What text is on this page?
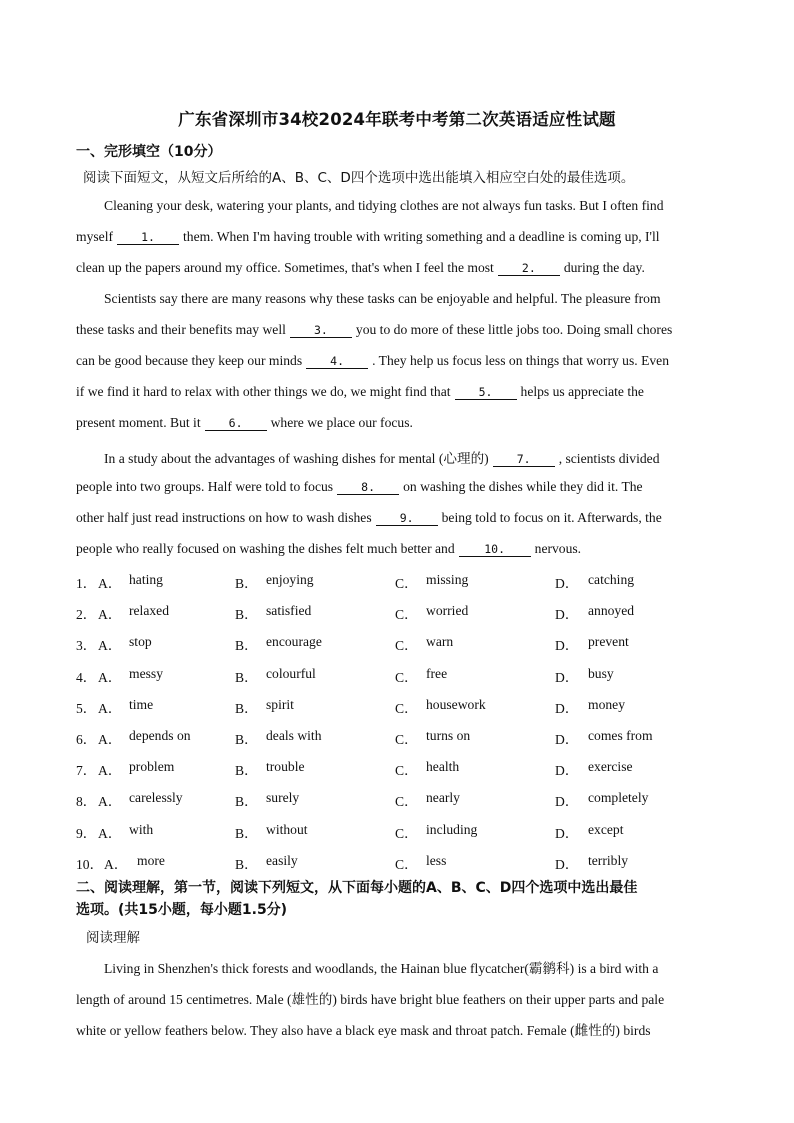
广东省深圳市34校2024年联考中考第二次英语适应性试题
一、完形填空（10分）
阅读下面短文，从短文后所给的A、B、C、D四个选项中选出能填入相应空白处的最佳选项。
Cleaning your desk, watering your plants, and tidying clothes are not always fun tasks. But I often find
myself 1. them. When I'm having trouble with writing something and a deadline is coming up, I'll
clean up the papers around my office. Sometimes, that's when I feel the most 2. during the day.
Scientists say there are many reasons why these tasks can be enjoyable and helpful. The pleasure from
these tasks and their benefits may well 3. you to do more of these little jobs too. Doing small chores
can be good because they keep our minds 4. . They help us focus less on things that worry us. Even
if we find it hard to relax with other things we do, we might find that 5. helps us appreciate the
present moment. But it 6. where we place our focus.
In a study about the advantages of washing dishes for mental (心理的) 7. , scientists divided
people into two groups. Half were told to focus 8. on washing the dishes while they did it. The
other half just read instructions on how to wash dishes 9. being told to focus on it. Afterwards, the
people who really focused on washing the dishes felt much better and	10. nervous.
1． A． hating	B． enjoying	C． missing	D． catching
2． A． relaxed	B． satisfied	C． worried	D． annoyed
3． A． stop	B． encourage	C． warn	D． prevent
4． A． messy	B． colourful	C． free	D． busy
5． A． time	B． spirit	C． housework	D． money
6． A． depends on	B． deals with	C． turns on	D． comes from
7． A． problem	B． trouble	C． health	D． exercise
8． A． carelessly	B． surely	C． nearly	D． completely
9． A． with	B． without	C． including	D． except
10． A． more	B． easily	C． less	D． terribly
二、阅读理解，第一节，阅读下列短文，从下面每小题的A、B、C、D四个选项中选出最佳
选项。(共15小题，每小题1.5分)
阅读理解
Living in Shenzhen's thick forests and woodlands, the Hainan blue flycatcher(霸鹟科) is a bird with a
length of around 15 centimetres. Male (雄性的) birds have bright blue feathers on their upper parts and pale
white or yellow feathers below. They also have a black eye mask and throat patch. Female (雌性的) birds
